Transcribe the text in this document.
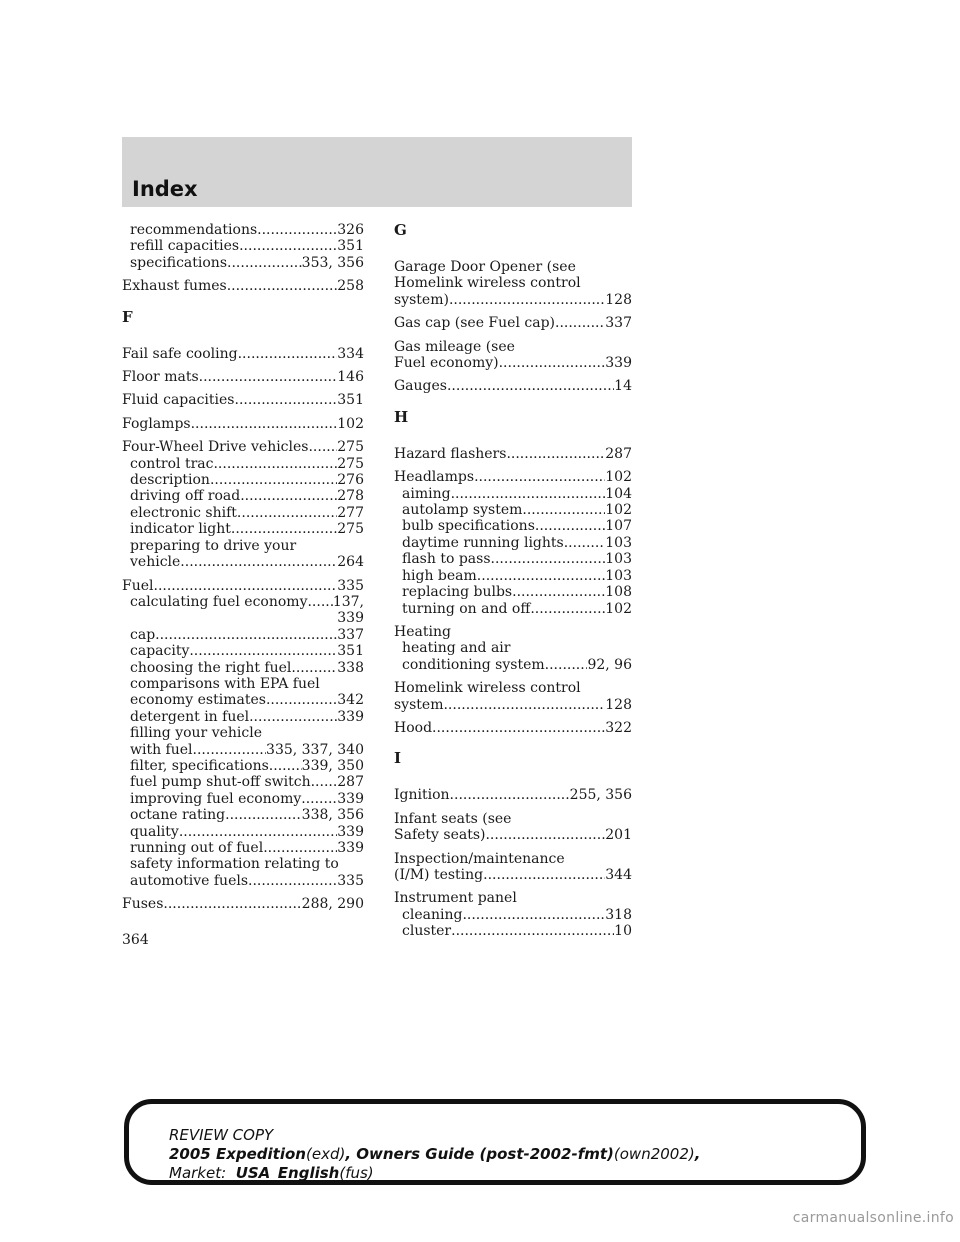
Index
recommendations .....	326
refill capacities .....	351
specifications .....	353, 356
Exhaust fumes .....	258
F
Fail safe cooling .....	334
Floor mats .....	146
Fluid capacities .....	351
Foglamps .....	102
Four-Wheel Drive vehicles ..... 275
control trac .....	275
description .....	276
driving off road .....	278
electronic shift .....	277
indicator light .....	275
preparing to drive your
vehicle .....	264
Fuel .....	335
calculating fuel economy ..... 137,
339
cap .....	337
capacity .....	351
choosing the right fuel .....	338
comparisons with EPA fuel
economy estimates .....	342
detergent in fuel .....	339
filling your vehicle
with fuel .....	335, 337, 340
filter, specifications ..... 339, 350
fuel pump shut-off switch ..... 287
improving fuel economy .....	339
octane rating .....	338, 356
quality .....	339
running out of fuel .....	339
safety information relating to
automotive fuels .....	335
Fuses .....	288, 290
G
Garage Door Opener (see
Homelink wireless control
system) .....	128
Gas cap (see Fuel cap) .....	337
Gas mileage (see
Fuel economy) .....	339
Gauges .....	14
H
Hazard flashers .....	287
Headlamps .....	102
aiming .....	104
autolamp system .....	102
bulb specifications .....	107
daytime running lights .....	103
flash to pass .....	103
high beam .....	103
replacing bulbs .....	108
turning on and off .....	102
Heating
heating and air
conditioning system .....	92, 96
Homelink wireless control
system .....	128
Hood .....	322
I
Ignition .....	255, 356
Infant seats (see
Safety seats) .....	201
Inspection/maintenance
(I/M) testing .....	344
Instrument panel
cleaning .....	318
cluster .....	10
364
REVIEW COPY
2005 Expedition(exd), Owners Guide (post-2002-fmt)(own2002),
Market:  USA_English(fus)
carmanualsonline.info
